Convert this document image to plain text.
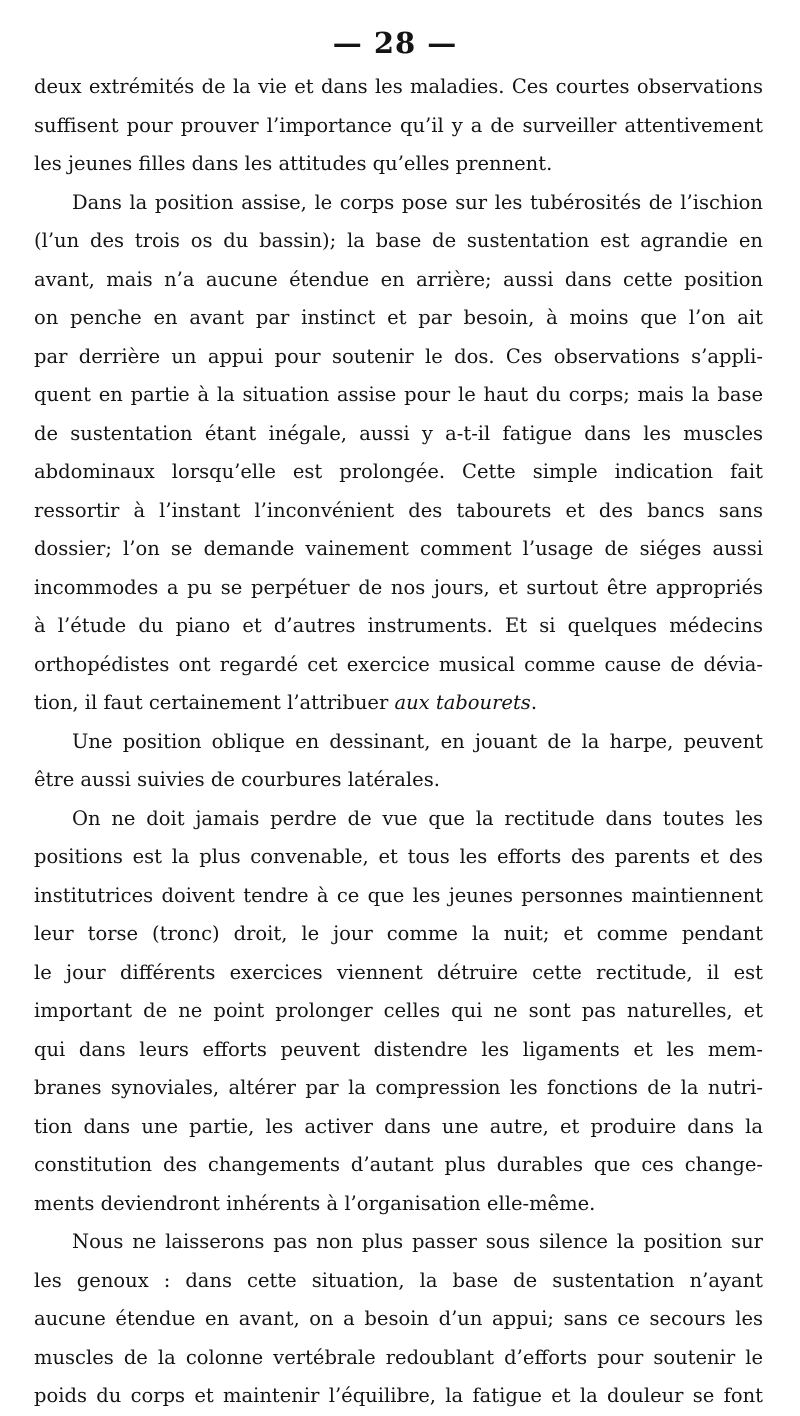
— 28 —

deux extrémités de la vie et dans les maladies. Ces courtes observations
suffisent pour prouver l’importance qu’il y a de surveiller attentivement
les jeunes filles dans les attitudes qu’elles prennent.

Dans la position assise, le corps pose sur les tubérosités de l’ischion
(l’un des trois os du bassin); la base de sustentation est agrandie en
avant, mais n’a aucune étendue en arrière; aussi dans cette position
on penche en avant par instinct et par besoin, à moins que l’on ait
par derrière un appui pour soutenir le dos. Ces observations s’appli-
quent en partie à la situation assise pour le haut du corps; mais la base
de sustentation étant inégale, aussi y a-t-il fatigue dans les muscles
abdominaux lorsqu’elle est prolongée. Cette simple indication fait
ressortir à l’instant l’inconvénient des tabourets et des bancs sans
dossier; l’on se demande vainement comment l’usage de siéges aussi
incommodes a pu se perpétuer de nos jours, et surtout être appropriés
à l’étude du piano et d’autres instruments. Et si quelques médecins
orthopédistes ont regardé cet exercice musical comme cause de dévia-
tion, il faut certainement l’attribuer aux tabourets.

Une position oblique en dessinant, en jouant de la harpe, peuvent
être aussi suivies de courbures latérales.

On ne doit jamais perdre de vue que la rectitude dans toutes les
positions est la plus convenable, et tous les efforts des parents et des
institutrices doivent tendre à ce que les jeunes personnes maintiennent
leur torse (tronc) droit, le jour comme la nuit; et comme pendant
le jour différents exercices viennent détruire cette rectitude, il est
important de ne point prolonger celles qui ne sont pas naturelles, et
qui dans leurs efforts peuvent distendre les ligaments et les mem-
branes synoviales, altérer par la compression les fonctions de la nutri-
tion dans une partie, les activer dans une autre, et produire dans la
constitution des changements d’autant plus durables que ces change-
ments deviendront inhérents à l’organisation elle-même.

Nous ne laisserons pas non plus passer sous silence la position sur
les genoux : dans cette situation, la base de sustentation n’ayant
aucune étendue en avant, on a besoin d’un appui; sans ce secours les
muscles de la colonne vertébrale redoublant d’efforts pour soutenir le
poids du corps et maintenir l’équilibre, la fatigue et la douleur se font
